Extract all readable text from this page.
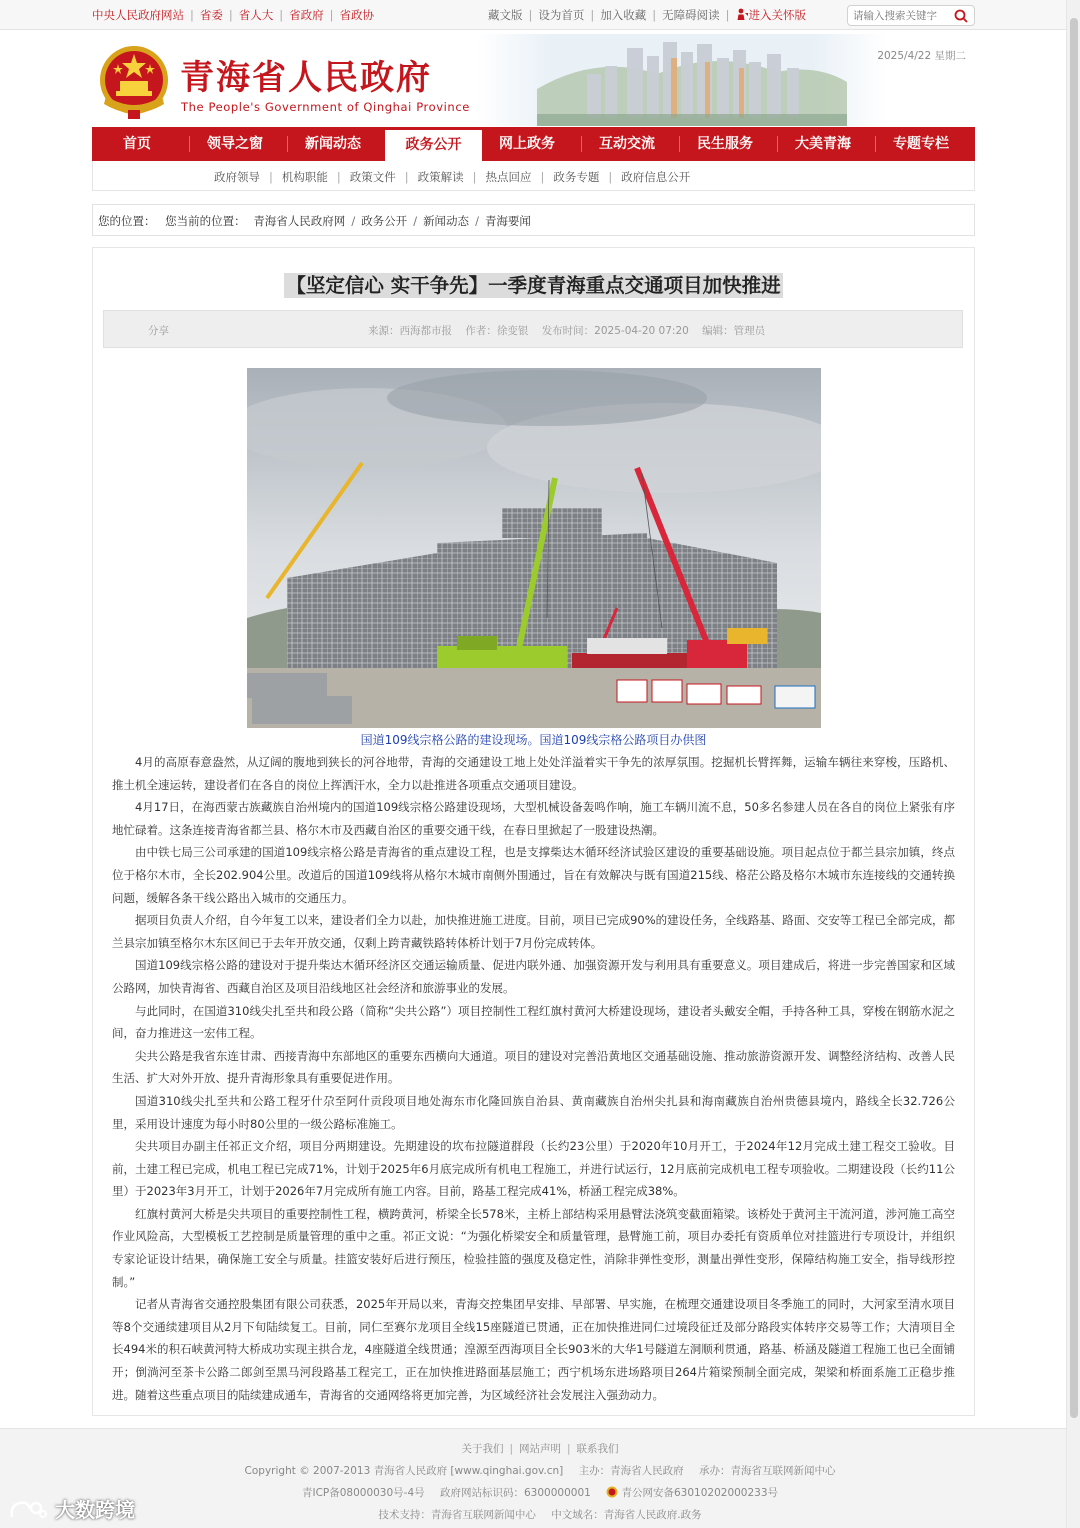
中央人民政府网站 | 省委 | 省人大 | 省政府 | 省政协	藏文版 | 设为首页 | 加入收藏 | 无障碍阅读 | 进入关怀版
请输入搜索关键字
青海省人民政府
The People's Government of Qinghai Province
2025/4/22 星期二
首页	领导之窗	新闻动态	政务公开	网上政务	互动交流	民生服务	大美青海	专题专栏
政府领导 | 机构职能 | 政策文件 | 政策解读 | 热点回应 | 政务专题 | 政府信息公开
您的位置： 您当前的位置： 青海省人民政府网 / 政务公开 / 新闻动态 / 青海要闻
【坚定信心 实干争先】一季度青海重点交通项目加快推进
分享	来源：西海都市报 作者：徐变银 发布时间：2025-04-20 07:20 编辑：管理员
国道109线宗格公路的建设现场。国道109线宗格公路项目办供图

4月的高原春意盎然，从辽阔的腹地到狭长的河谷地带，青海的交通建设工地上处处洋溢着实干争先的浓厚氛围。挖掘机长臂挥舞，运输车辆往来穿梭，压路机、推土机全速运转，建设者们在各自的岗位上挥洒汗水，全力以赴推进各项重点交通项目建设。

4月17日，在海西蒙古族藏族自治州境内的国道109线宗格公路建设现场，大型机械设备轰鸣作响，施工车辆川流不息，50多名参建人员在各自的岗位上紧张有序地忙碌着。这条连接青海省都兰县、格尔木市及西藏自治区的重要交通干线，在春日里掀起了一股建设热潮。

由中铁七局三公司承建的国道109线宗格公路是青海省的重点建设工程，也是支撑柴达木循环经济试验区建设的重要基础设施。项目起点位于都兰县宗加镇，终点位于格尔木市，全长202.904公里。改道后的国道109线将从格尔木城市南侧外围通过，旨在有效解决与既有国道215线、格茫公路及格尔木城市东连接线的交通转换问题，缓解各条干线公路出入城市的交通压力。

据项目负责人介绍，自今年复工以来，建设者们全力以赴，加快推进施工进度。目前，项目已完成90%的建设任务，全线路基、路面、交安等工程已全部完成，都兰县宗加镇至格尔木东区间已于去年开放交通，仅剩上跨青藏铁路转体桥计划于7月份完成转体。

国道109线宗格公路的建设对于提升柴达木循环经济区交通运输质量、促进内联外通、加强资源开发与利用具有重要意义。项目建成后，将进一步完善国家和区域公路网，加快青海省、西藏自治区及项目沿线地区社会经济和旅游事业的发展。

与此同时，在国道310线尖扎至共和段公路（简称“尖共公路”）项目控制性工程红旗村黄河大桥建设现场，建设者头戴安全帽，手持各种工具，穿梭在钢筋水泥之间，奋力推进这一宏伟工程。

尖共公路是我省东连甘肃、西接青海中东部地区的重要东西横向大通道。项目的建设对完善沿黄地区交通基础设施、推动旅游资源开发、调整经济结构、改善人民生活、扩大对外开放、提升青海形象具有重要促进作用。

国道310线尖扎至共和公路工程牙什尕至阿什贡段项目地处海东市化隆回族自治县、黄南藏族自治州尖扎县和海南藏族自治州贵德县境内，路线全长32.726公里，采用设计速度为每小时80公里的一级公路标准施工。

尖共项目办副主任祁正文介绍，项目分两期建设。先期建设的坎布拉隧道群段（长约23公里）于2020年10月开工，于2024年12月完成土建工程交工验收。目前，土建工程已完成，机电工程已完成71%，计划于2025年6月底完成所有机电工程施工，并进行试运行，12月底前完成机电工程专项验收。二期建设段（长约11公里）于2023年3月开工，计划于2026年7月完成所有施工内容。目前，路基工程完成41%，桥涵工程完成38%。

红旗村黄河大桥是尖共项目的重要控制性工程，横跨黄河，桥梁全长578米，主桥上部结构采用悬臂法浇筑变截面箱梁。该桥处于黄河主干流河道，涉河施工高空作业风险高，大型模板工艺控制是质量管理的重中之重。祁正文说：“为强化桥梁安全和质量管理，悬臂施工前，项目办委托有资质单位对挂篮进行专项设计，并组织专家论证设计结果，确保施工安全与质量。挂篮安装好后进行预压，检验挂篮的强度及稳定性，消除非弹性变形，测量出弹性变形，保障结构施工安全，指导线形控制。”

记者从青海省交通控股集团有限公司获悉，2025年开局以来，青海交控集团早安排、早部署、早实施，在梳理交通建设项目冬季施工的同时，大河家至清水项目等8个交通续建项目从2月下旬陆续复工。目前，同仁至赛尔龙项目全线15座隧道已贯通，正在加快推进同仁过境段征迁及部分路段实体转序交易等工作；大清项目全长494米的积石峡黄河特大桥成功实现主拱合龙，4座隧道全线贯通；湟源至西海项目全长903米的大华1号隧道左洞顺利贯通，路基、桥涵及隧道工程施工也已全面铺开；倒淌河至茶卡公路二郎剑至黑马河段路基工程完工，正在加快推进路面基层施工；西宁机场东进场路项目264片箱梁预制全面完成，架梁和桥面系施工正稳步推进。随着这些重点项目的陆续建成通车，青海省的交通网络将更加完善，为区域经济社会发展注入强劲动力。

关于我们 | 网站声明 | 联系我们
Copyright © 2007-2013 青海省人民政府 [www.qinghai.gov.cn] 主办：青海省人民政府 承办：青海省互联网新闻中心
青ICP备08000030号-4号 政府网站标识码：6300000001	青公网安备63010202000233号
技术支持：青海省互联网新闻中心 中文域名：青海省人民政府.政务
大数跨境
